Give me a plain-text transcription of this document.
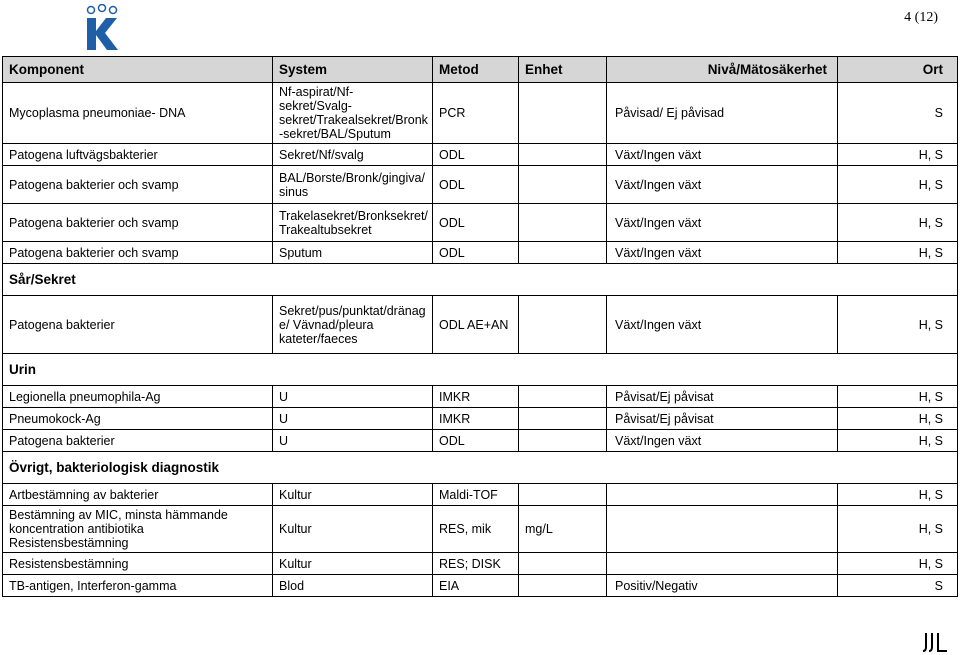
4 (12)
Komponent	System	Metod	Enhet	Nivå/Mätosäkerhet	Ort
Mycoplasma pneumoniae- DNA	Nf-aspirat/Nf-sekret/Svalg-sekret/Trakealsekret/Bronk -sekret/BAL/Sputum	PCR		Påvisad/ Ej påvisad	S
Patogena luftvägsbakterier	Sekret/Nf/svalg	ODL		Växt/Ingen växt	H, S
Patogena bakterier och svamp	BAL/Borste/Bronk/gingiva/ sinus	ODL		Växt/Ingen växt	H, S
Patogena bakterier och svamp	Trakelasekret/Bronksekret/ Trakealtubsekret	ODL		Växt/Ingen växt	H, S
Patogena bakterier och svamp	Sputum	ODL		Växt/Ingen växt	H, S
Sår/Sekret					
Patogena bakterier	Sekret/pus/punktat/dränag e/ Vävnad/pleura kateter/faeces	ODL AE+AN		Växt/Ingen växt	H, S
Urin					
Legionella pneumophila-Ag	U	IMKR		Påvisat/Ej påvisat	H, S
Pneumokock-Ag	U	IMKR		Påvisat/Ej påvisat	H, S
Patogena bakterier	U	ODL		Växt/Ingen växt	H, S
Övrigt, bakteriologisk diagnostik					
Artbestämning av bakterier	Kultur	Maldi-TOF			H, S
Bestämning av MIC, minsta hämmande koncentration antibiotika Resistensbestämning	Kultur	RES, mik	mg/L		H, S
Resistensbestämning	Kultur	RES; DISK			H, S
TB-antigen, Interferon-gamma	Blod	EIA		Positiv/Negativ	S
